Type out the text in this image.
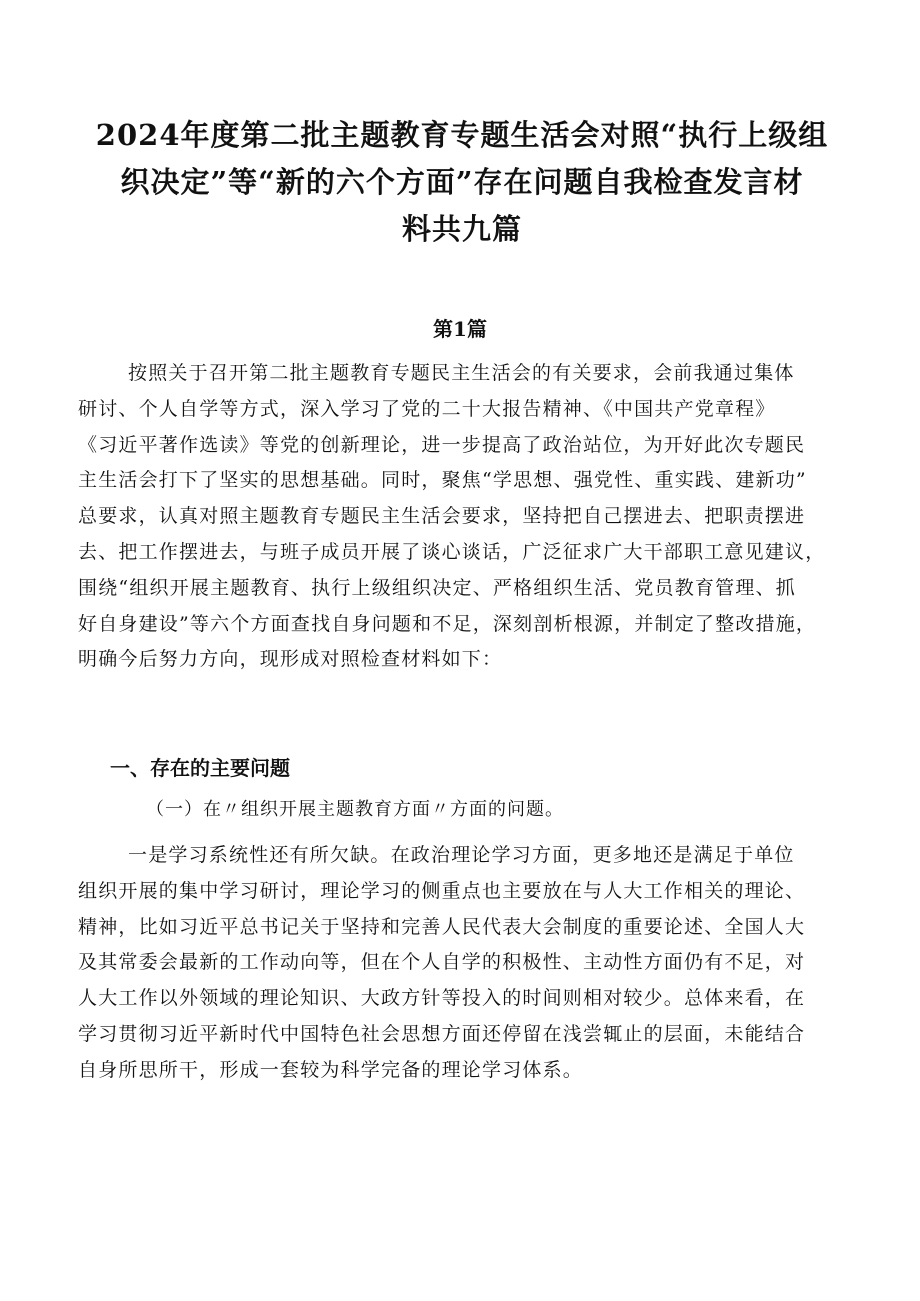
2024年度第二批主题教育专题生活会对照“执行上级组
织决定”等“新的六个方面”存在问题自我检查发言材
料共九篇
第1篇
按照关于召开第二批主题教育专题民主生活会的有关要求，会前我通过集体
研讨、个人自学等方式，深入学习了党的二十大报告精神、《中国共产党章程》
《习近平著作选读》等党的创新理论，进一步提高了政治站位，为开好此次专题民
主生活会打下了坚实的思想基础。同时，聚焦“学思想、强党性、重实践、建新功”
总要求，认真对照主题教育专题民主生活会要求，坚持把自己摆进去、把职责摆进
去、把工作摆进去，与班子成员开展了谈心谈话，广泛征求广大干部职工意见建议，
围绕“组织开展主题教育、执行上级组织决定、严格组织生活、党员教育管理、抓
好自身建设”等六个方面查找自身问题和不足，深刻剖析根源，并制定了整改措施，
明确今后努力方向，现形成对照检查材料如下：
一、存在的主要问题

（一）在〃组织开展主题教育方面〃方面的问题。

一是学习系统性还有所欠缺。在政治理论学习方面，更多地还是满足于单位
组织开展的集中学习研讨，理论学习的侧重点也主要放在与人大工作相关的理论、
精神，比如习近平总书记关于坚持和完善人民代表大会制度的重要论述、全国人大
及其常委会最新的工作动向等，但在个人自学的积极性、主动性方面仍有不足，对
人大工作以外领域的理论知识、大政方针等投入的时间则相对较少。总体来看，在
学习贯彻习近平新时代中国特色社会思想方面还停留在浅尝辄止的层面，未能结合
自身所思所干，形成一套较为科学完备的理论学习体系。
